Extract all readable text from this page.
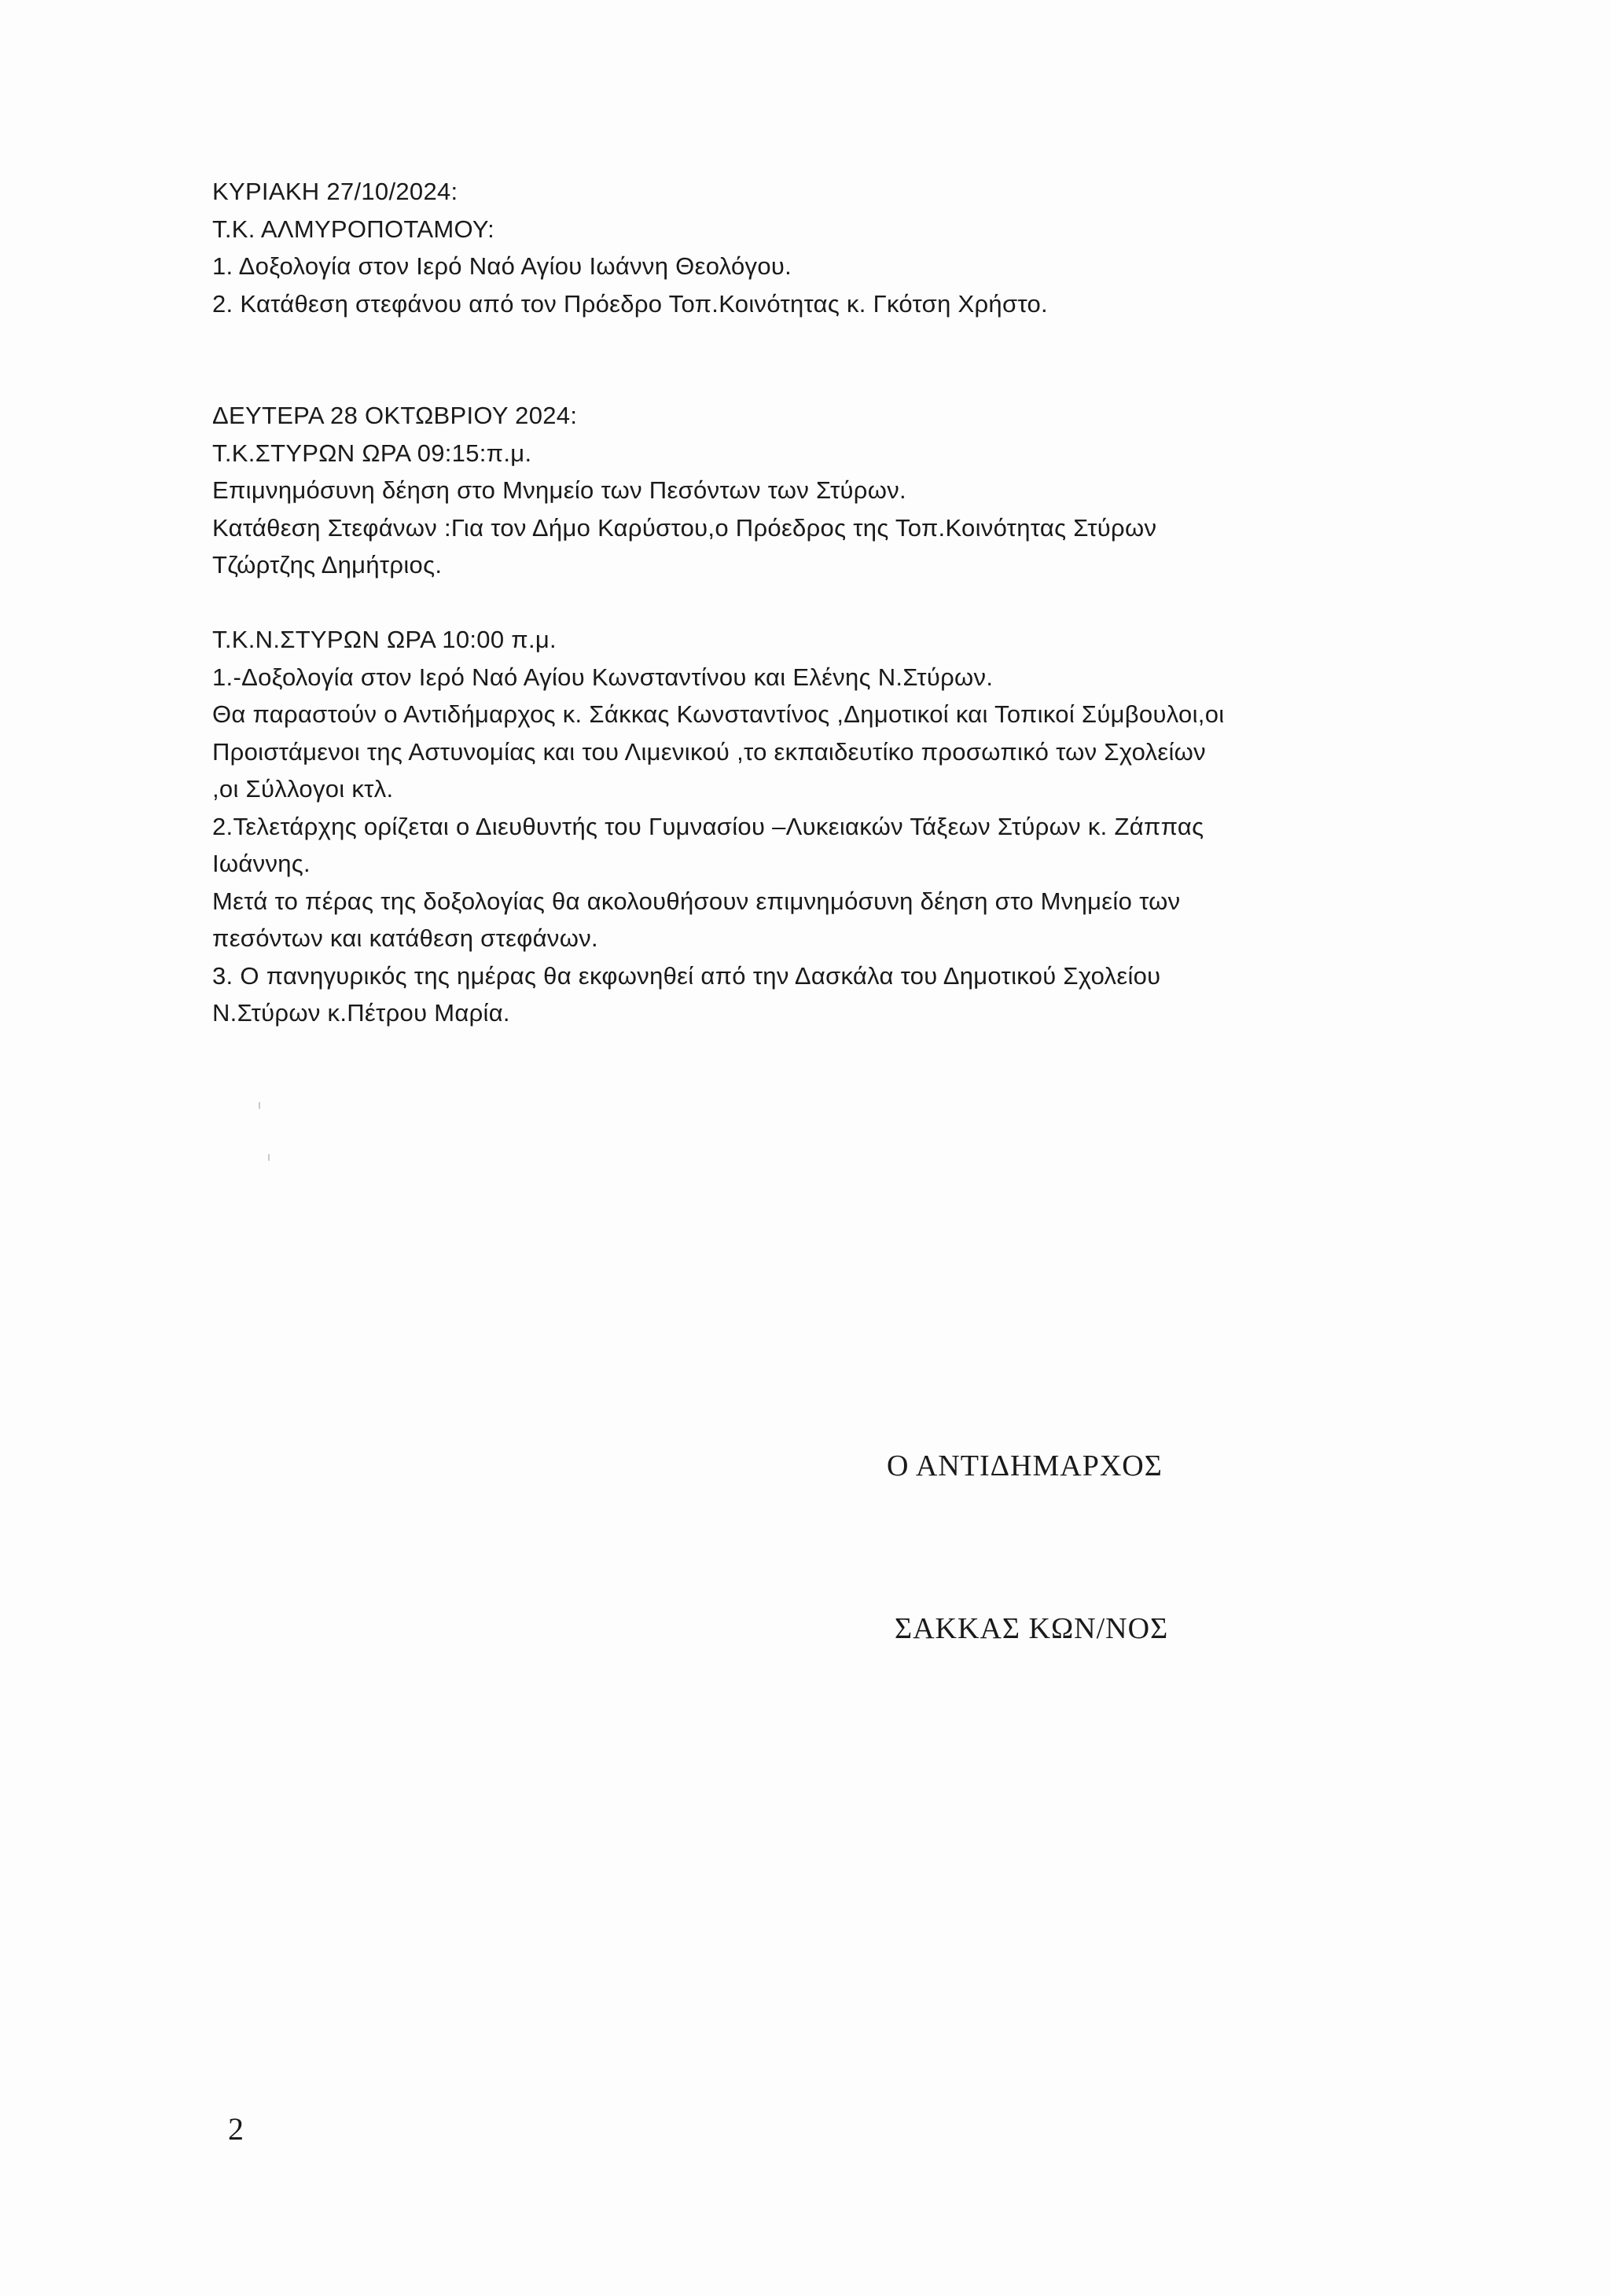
ΚΥΡΙΑΚΗ 27/10/2024:
Τ.Κ. ΑΛΜΥΡΟΠΟΤΑΜΟΥ:
1. Δοξολογία στον Ιερό Ναό Αγίου Ιωάννη Θεολόγου.
2. Κατάθεση στεφάνου από τον Πρόεδρο Τοπ.Κοινότητας κ. Γκότση Χρήστο.
ΔΕΥΤΕΡΑ 28 ΟΚΤΩΒΡΙΟΥ 2024:
Τ.Κ.ΣΤΥΡΩΝ ΩΡΑ 09:15:π.μ.
Επιμνημόσυνη δέηση στο Μνημείο των Πεσόντων των Στύρων.
Κατάθεση Στεφάνων :Για τον Δήμο Καρύστου,ο Πρόεδρος της Τοπ.Κοινότητας Στύρων
Τζώρτζης Δημήτριος.
Τ.Κ.Ν.ΣΤΥΡΩΝ ΩΡΑ 10:00 π.μ.
1.-Δοξολογία στον Ιερό Ναό Αγίου Κωνσταντίνου και Ελένης Ν.Στύρων.
Θα παραστούν ο Αντιδήμαρχος κ. Σάκκας Κωνσταντίνος ,Δημοτικοί και Τοπικοί Σύμβουλοι,οι
Προιστάμενοι της Αστυνομίας και του Λιμενικού ,το εκπαιδευτίκο προσωπικό των Σχολείων
,οι Σύλλογοι κτλ.
2.Τελετάρχης ορίζεται ο Διευθυντής του Γυμνασίου –Λυκειακών Τάξεων Στύρων κ. Ζάππας
Ιωάννης.
Μετά το πέρας της δοξολογίας θα ακολουθήσουν επιμνημόσυνη δέηση στο Μνημείο των
πεσόντων και κατάθεση στεφάνων.
3. Ο πανηγυρικός της ημέρας θα εκφωνηθεί από την Δασκάλα του Δημοτικού Σχολείου
Ν.Στύρων κ.Πέτρου Μαρία.
Ο ΑΝΤΙΔΗΜΑΡΧΟΣ
ΣΑΚΚΑΣ ΚΩΝ/ΝΟΣ
2
